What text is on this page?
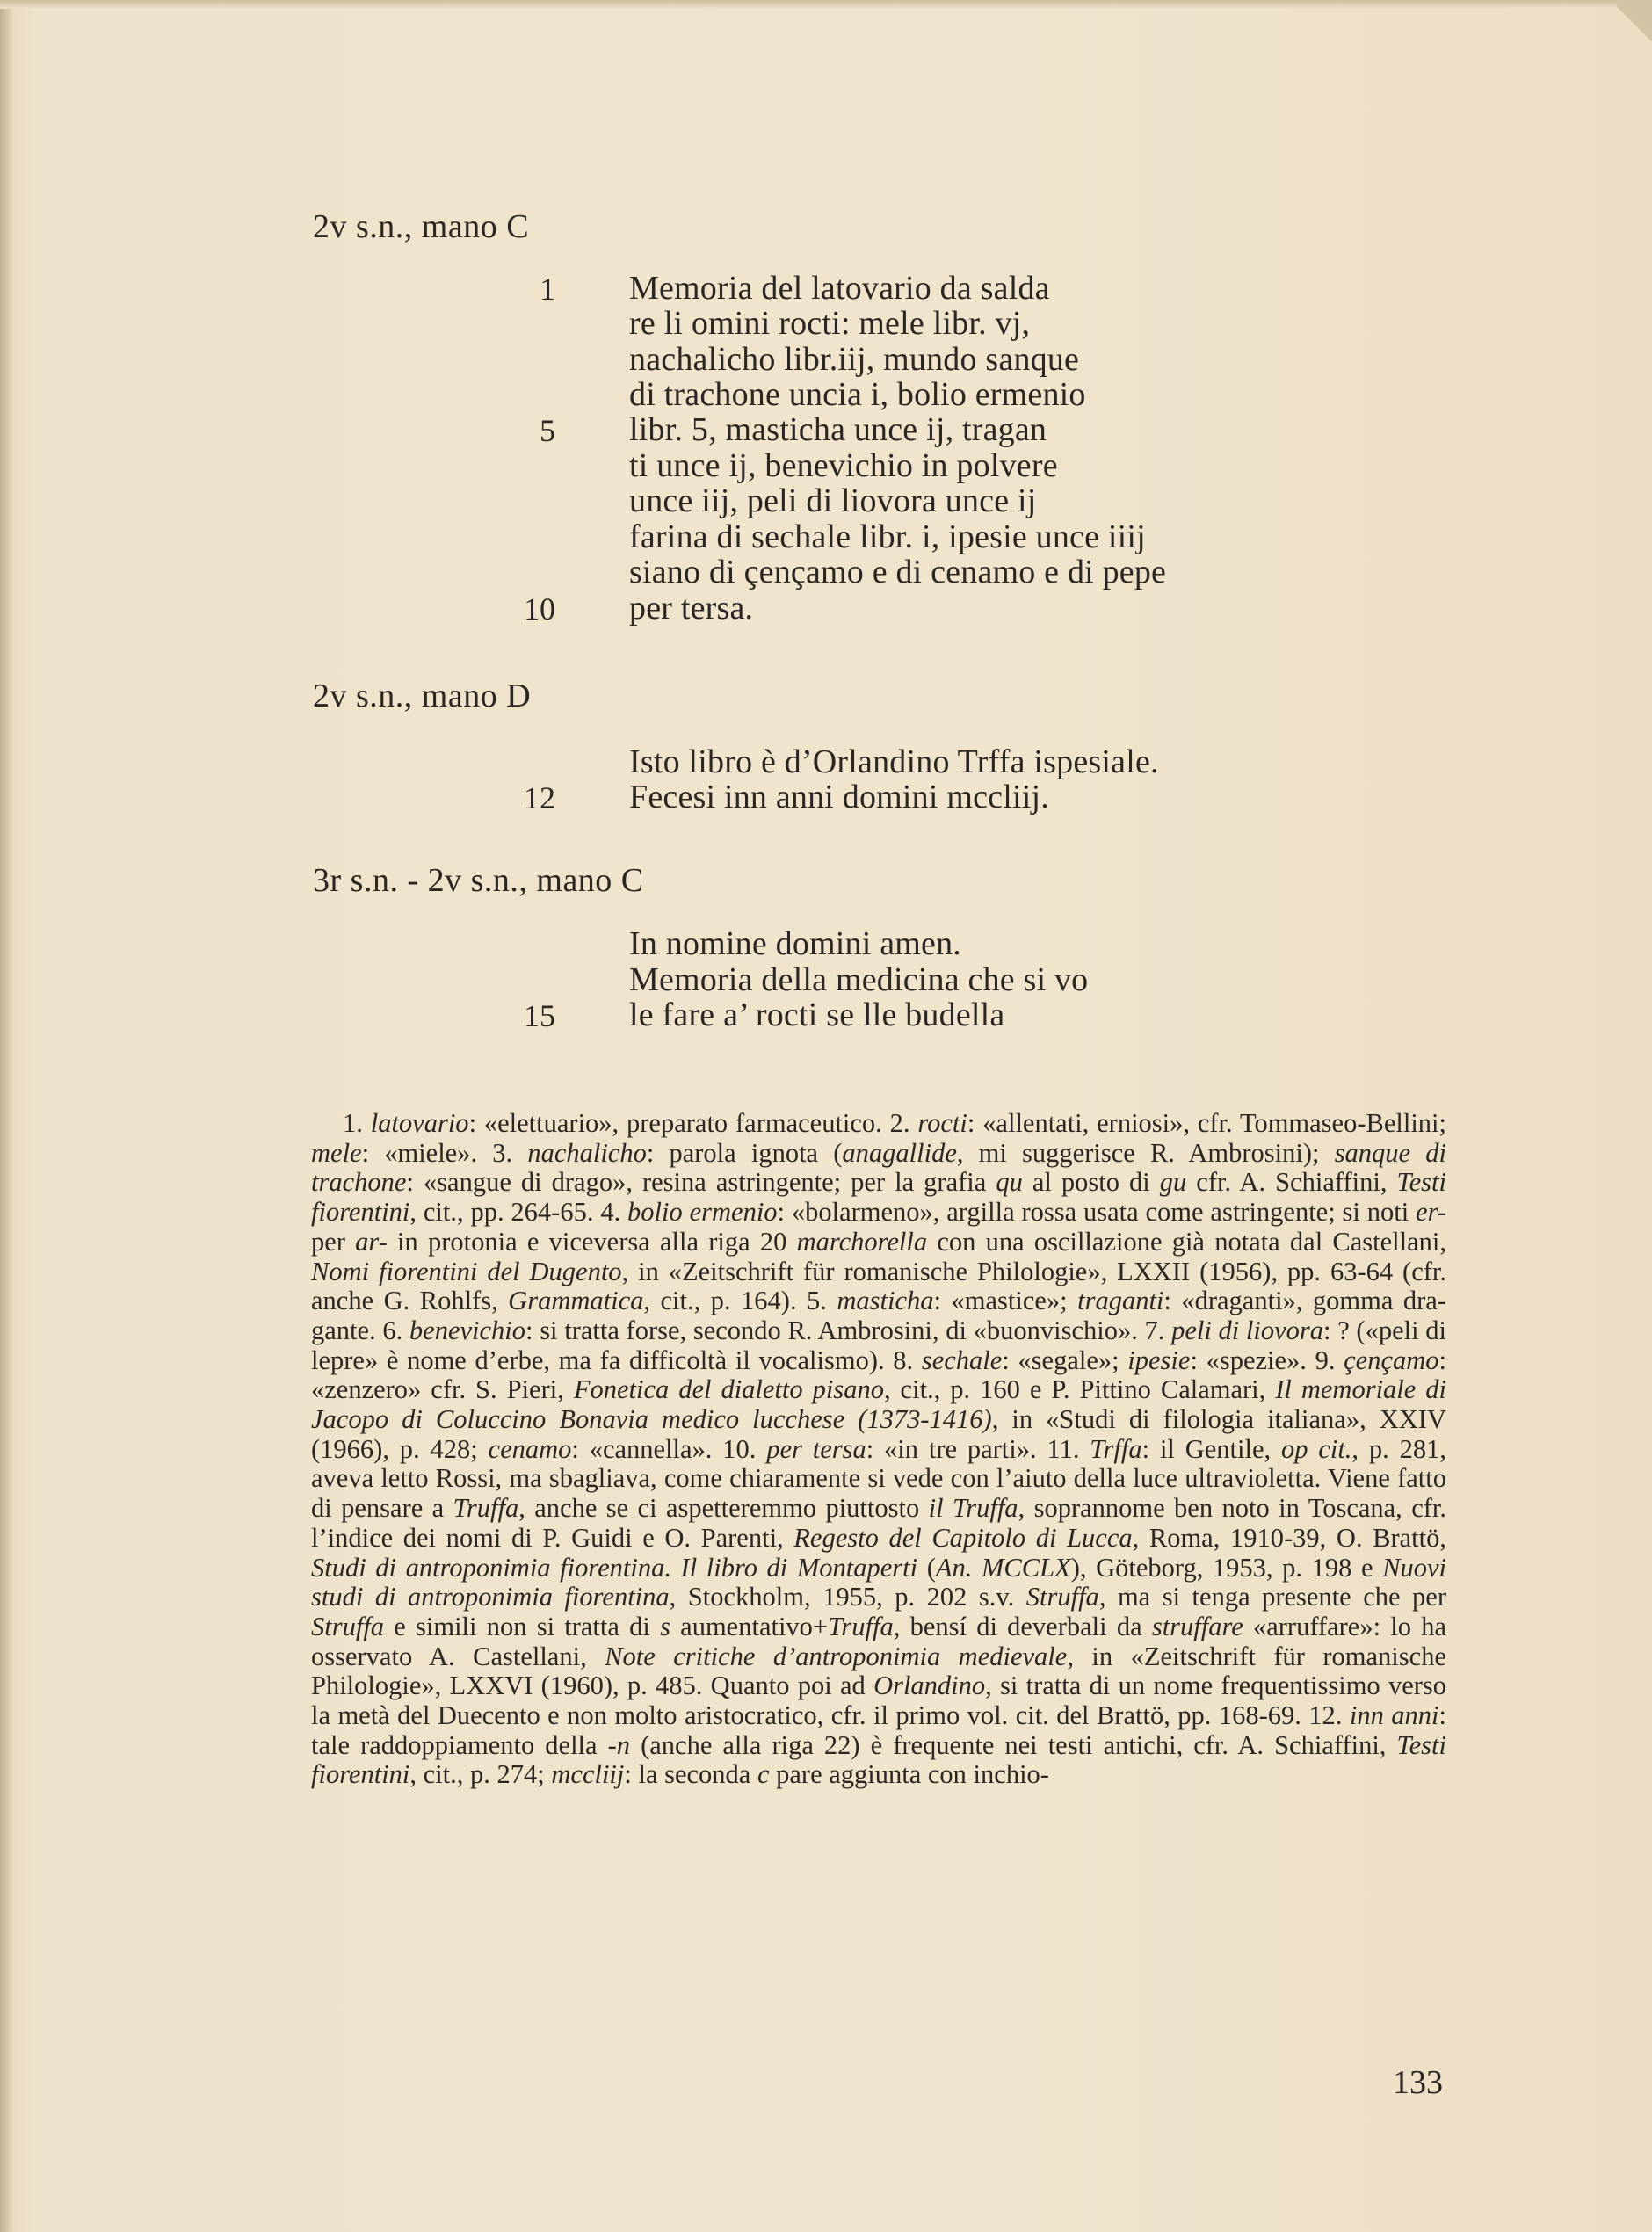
2v s.n., mano C
1 Memoria del latovario da salda
re li omini rocti: mele libr. vj,
nachalicho libr.iij, mundo sanque
di trachone uncia i, bolio ermenio
5 libr. 5, masticha unce ij, tragan
ti unce ij, benevichio in polvere
unce iij, peli di liovora unce ij
farina di sechale libr. i, ipesie unce iiij
siano di çençamo e di cenamo e di pepe
10 per tersa.
2v s.n., mano D
Isto libro è d’Orlandino Trffa ispesiale.
12 Fecesi inn anni domini mccliij.
3r s.n. - 2v s.n., mano C
In nomine domini amen.
Memoria della medicina che si vo
15 le fare a’ rocti se lle budella
1. latovario: «elettuario», preparato farmaceutico. 2. rocti: «allentati, erniosi», cfr. Tommaseo-Bellini; mele: «miele». 3. nachalicho: parola ignota (anagallide, mi suggerisce R. Ambrosini); sanque di trachone: «sangue di drago», resina astringente; per la grafia qu al posto di gu cfr. A. Schiaffini, Testi fiorentini, cit., pp. 264-65. 4. bolio ermenio: «bolarmeno», argilla rossa usata come astringente; si noti er- per ar- in protonia e viceversa alla riga 20 marchorella con una oscillazione già notata dal Castellani, Nomi fiorentini del Dugento, in «Zeitschrift für romanische Philologie», LXXII (1956), pp. 63-64 (cfr. anche G. Rohlfs, Grammatica, cit., p. 164). 5. masticha: «mastice»; traganti: «draganti», gomma dragante. 6. benevichio: si tratta forse, secondo R. Ambrosini, di «buonvischio». 7. peli di liovora: ? («peli di lepre» è nome d’erbe, ma fa difficoltà il vocalismo). 8. sechale: «segale»; ipesie: «spezie». 9. çençamo: «zenzero» cfr. S. Pieri, Fonetica del dialetto pisano, cit., p. 160 e P. Pittino Calamari, Il memoriale di Jacopo di Coluccino Bonavia medico lucchese (1373-1416), in «Studi di filologia italiana», XXIV (1966), p. 428; cenamo: «cannella». 10. per tersa: «in tre parti». 11. Trffa: il Gentile, op cit., p. 281, aveva letto Rossi, ma sbagliava, come chiaramente si vede con l’aiuto della luce ultravioletta. Viene fatto di pensare a Truffa, anche se ci aspetteremmo piuttosto il Truffa, soprannome ben noto in Toscana, cfr. l’indice dei nomi di P. Guidi e O. Parenti, Regesto del Capitolo di Lucca, Roma, 1910-39, O. Brattö, Studi di antroponimia fiorentina. Il libro di Montaperti (An. MCCLX), Göteborg, 1953, p. 198 e Nuovi studi di antroponimia fiorentina, Stockholm, 1955, p. 202 s.v. Struffa, ma si tenga presente che per Struffa e simili non si tratta di s aumentativo+Truffa, bensí di deverbali da struffare «arruffare»: lo ha osservato A. Castellani, Note critiche d’antroponimia medievale, in «Zeitschrift für romanische Philologie», LXXVI (1960), p. 485. Quanto poi ad Orlandino, si tratta di un nome frequentissimo verso la metà del Duecento e non molto aristocratico, cfr. il primo vol. cit. del Brattö, pp. 168-69. 12. inn anni: tale raddoppiamento della -n (anche alla riga 22) è frequente nei testi antichi, cfr. A. Schiaffini, Testi fiorentini, cit., p. 274; mccliij: la seconda c pare aggiunta con inchio-
133
